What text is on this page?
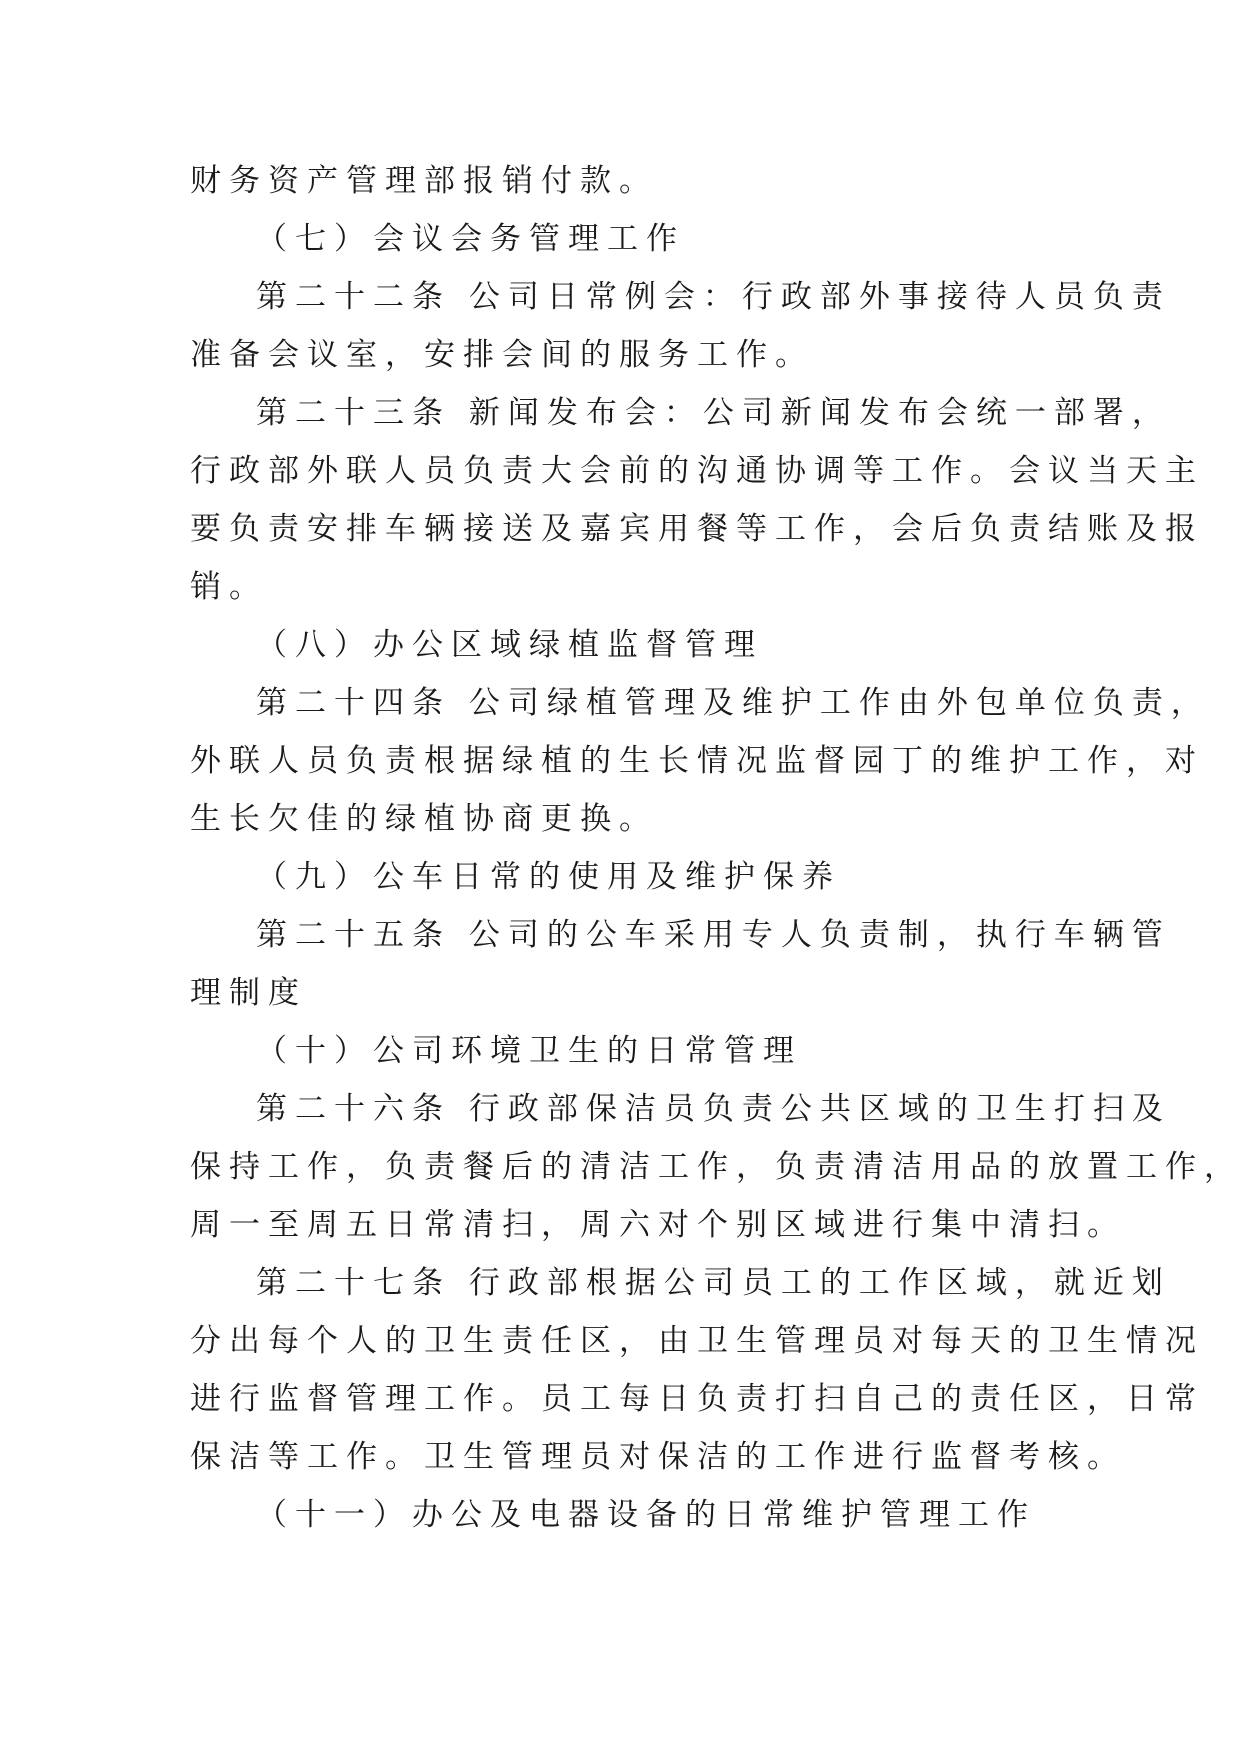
财务资产管理部报销付款。
（七）会议会务管理工作
第二十二条 公司日常例会：行政部外事接待人员负责
准备会议室，安排会间的服务工作。
第二十三条 新闻发布会：公司新闻发布会统一部署，
行政部外联人员负责大会前的沟通协调等工作。会议当天主
要负责安排车辆接送及嘉宾用餐等工作，会后负责结账及报
销。
（八）办公区域绿植监督管理
第二十四条 公司绿植管理及维护工作由外包单位负责，
外联人员负责根据绿植的生长情况监督园丁的维护工作，对
生长欠佳的绿植协商更换。
（九）公车日常的使用及维护保养
第二十五条 公司的公车采用专人负责制，执行车辆管
理制度
（十）公司环境卫生的日常管理
第二十六条 行政部保洁员负责公共区域的卫生打扫及
保持工作，负责餐后的清洁工作，负责清洁用品的放置工作，
周一至周五日常清扫，周六对个别区域进行集中清扫。
第二十七条 行政部根据公司员工的工作区域，就近划
分出每个人的卫生责任区，由卫生管理员对每天的卫生情况
进行监督管理工作。员工每日负责打扫自己的责任区，日常
保洁等工作。卫生管理员对保洁的工作进行监督考核。
（十一）办公及电器设备的日常维护管理工作
